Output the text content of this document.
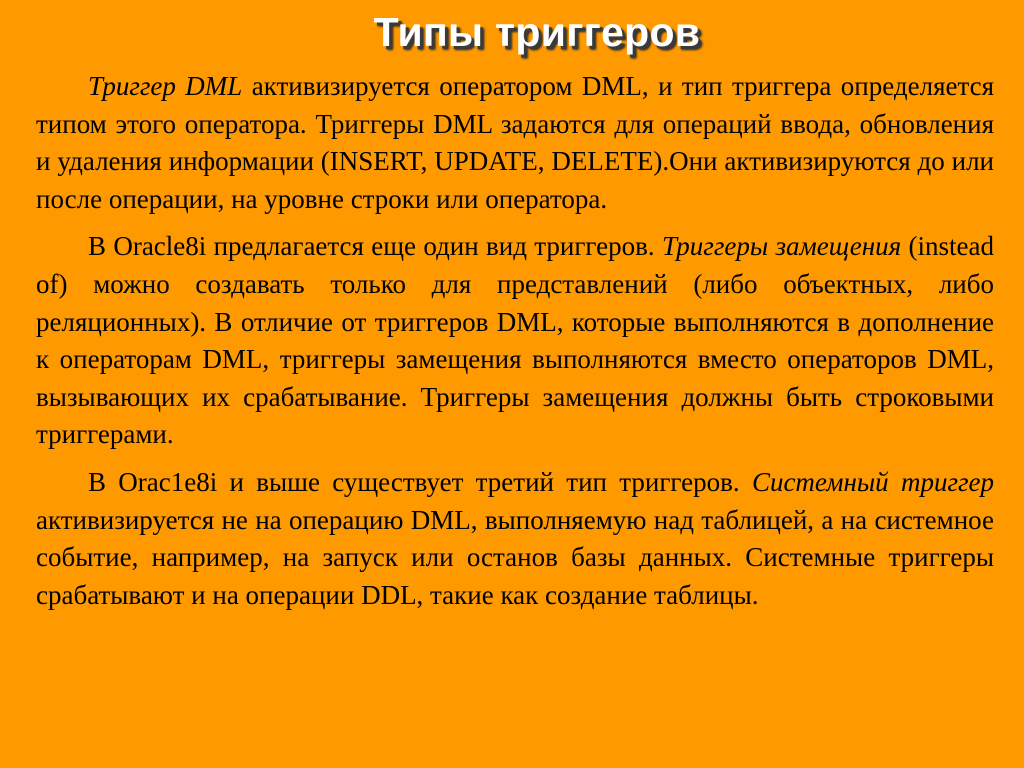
Типы триггеров

Триггер DML активизируется оператором DML, и тип триггера определяется типом этого оператора. Триггеры DML задаются для операций ввода, обновления и удаления информации (INSERT, UPDATE, DELETE).Они активизируются до или после операции, на уровне строки или оператора.

В Oracle8i предлагается еще один вид триггеров. Триггеры замещения (instead of) можно создавать только для представлений (либо объектных, либо реляционных). В отличие от триггеров DML, которые выполняются в дополнение к операторам DML, триггеры замещения выполняются вместо операторов DML, вызывающих их срабатывание. Триггеры замещения должны быть строковыми триггерами.

В Orac1e8i и выше существует третий тип триггеров. Системный триггер активизируется не на операцию DML, выполняемую над таблицей, а на системное событие, например, на запуск или останов базы данных. Системные триггеры срабатывают и на операции DDL, такие как создание таблицы.
